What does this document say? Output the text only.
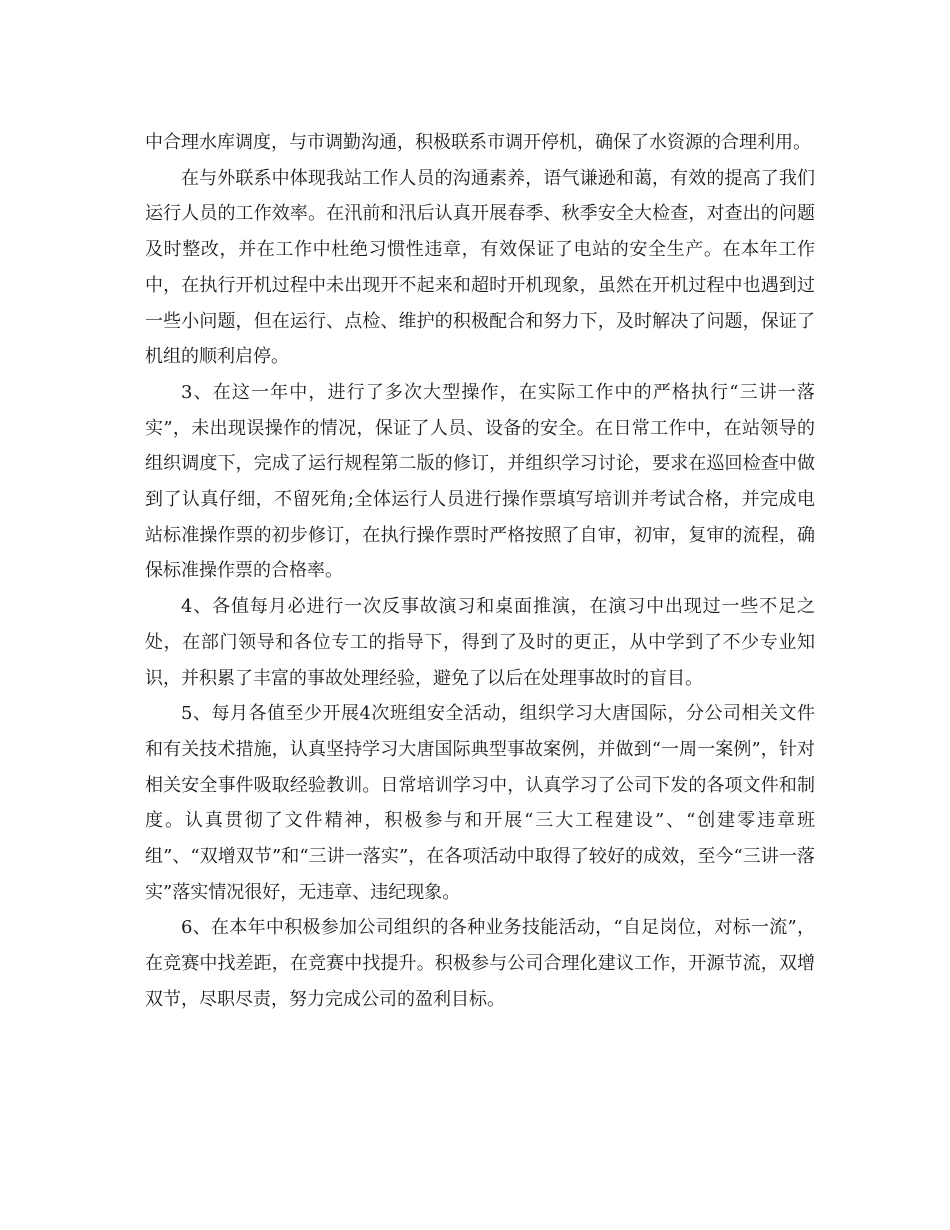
中合理水库调度，与市调勤沟通，积极联系市调开停机，确保了水资源的合理利用。

在与外联系中体现我站工作人员的沟通素养，语气谦逊和蔼，有效的提高了我们运行人员的工作效率。在汛前和汛后认真开展春季、秋季安全大检查，对查出的问题及时整改，并在工作中杜绝习惯性违章，有效保证了电站的安全生产。在本年工作中，在执行开机过程中未出现开不起来和超时开机现象，虽然在开机过程中也遇到过一些小问题，但在运行、点检、维护的积极配合和努力下，及时解决了问题，保证了机组的顺利启停。

3、在这一年中，进行了多次大型操作，在实际工作中的严格执行“三讲一落实”，未出现误操作的情况，保证了人员、设备的安全。在日常工作中，在站领导的组织调度下，完成了运行规程第二版的修订，并组织学习讨论，要求在巡回检查中做到了认真仔细，不留死角;全体运行人员进行操作票填写培训并考试合格，并完成电站标准操作票的初步修订，在执行操作票时严格按照了自审，初审，复审的流程，确保标准操作票的合格率。

4、各值每月必进行一次反事故演习和桌面推演，在演习中出现过一些不足之处，在部门领导和各位专工的指导下，得到了及时的更正，从中学到了不少专业知识，并积累了丰富的事故处理经验，避免了以后在处理事故时的盲目。

5、每月各值至少开展4次班组安全活动，组织学习大唐国际，分公司相关文件和有关技术措施，认真坚持学习大唐国际典型事故案例，并做到“一周一案例”，针对相关安全事件吸取经验教训。日常培训学习中，认真学习了公司下发的各项文件和制度。认真贯彻了文件精神，积极参与和开展“三大工程建设”、“创建零违章班组”、“双增双节”和“三讲一落实”，在各项活动中取得了较好的成效，至今“三讲一落实”落实情况很好，无违章、违纪现象。

6、在本年中积极参加公司组织的各种业务技能活动，“自足岗位，对标一流”，在竞赛中找差距，在竞赛中找提升。积极参与公司合理化建议工作，开源节流，双增双节，尽职尽责，努力完成公司的盈利目标。
